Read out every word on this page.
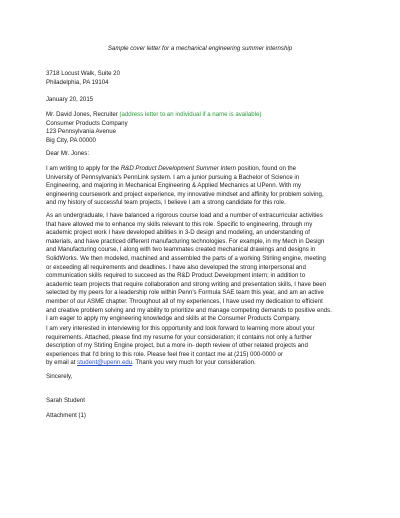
Sample cover letter for a mechanical engineering summer internship
3718 Locust Walk, Suite 20
Philadelphia, PA 19104
January 20, 2015
Mr. David Jones, Recruiter (address letter to an individual if a name is available)
Consumer Products Company
123 Pennsylvania Avenue
Big City, PA 00000
Dear Mr. Jones:
I am writing to apply for the R&D Product Development Summer Intern position, found on the
University of Pennsylvania's PennLink system. I am a junior pursuing a Bachelor of Science in
Engineering, and majoring in Mechanical Engineering & Applied Mechanics at UPenn. With my
engineering coursework and project experience, my innovative mindset and affinity for problem solving,
and my history of successful team projects, I believe I am a strong candidate for this role.
As an undergraduate, I have balanced a rigorous course load and a number of extracurricular activities
that have allowed me to enhance my skills relevant to this role. Specific to engineering, through my
academic project work I have developed abilities in 3-D design and modeling, an understanding of
materials, and have practiced different manufacturing technologies. For example, in my Mech in Design
and Manufacturing course, I along with two teammates created mechanical drawings and designs in
SolidWorks. We then modeled, machined and assembled the parts of a working Stirling engine, meeting
or exceeding all requirements and deadlines. I have also developed the strong interpersonal and
communication skills required to succeed as the R&D Product Development intern; in addition to
academic team projects that require collaboration and strong writing and presentation skills, I have been
selected by my peers for a leadership role within Penn's Formula SAE team this year, and am an active
member of our ASME chapter. Throughout all of my experiences, I have used my dedication to efficient
and creative problem solving and my ability to prioritize and manage competing demands to positive ends.
I am eager to apply my engineering knowledge and skills at the Consumer Products Company.
I am very interested in interviewing for this opportunity and look forward to learning more about your
requirements. Attached, please find my resume for your consideration; it contains not only a further
description of my Stirling Engine project, but a more in- depth review of other related projects and
experiences that I'd bring to this role. Please feel free it contact me at (215) 000-0000 or
by email at student@upenn.edu. Thank you very much for your consideration.
Sincerely,
Sarah Student
Attachment (1)
